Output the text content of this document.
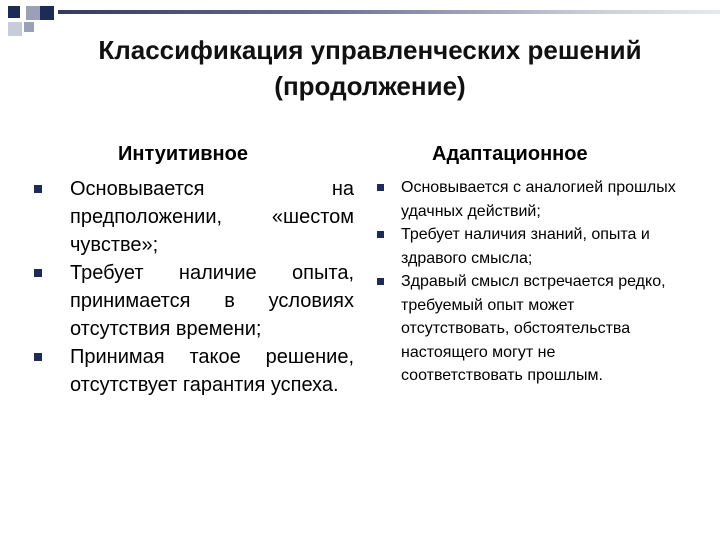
Классификация управленческих решений
(продолжение)
Интуитивное	Адаптационное
Основывается на предположении, «шестом чувстве»;
Требует наличие опыта, принимается в условиях отсутствия времени;
Принимая такое решение, отсутствует гарантия успеха.
Основывается с аналогией прошлых удачных действий;
Требует наличия знаний, опыта и здравого смысла;
Здравый смысл встречается редко, требуемый опыт может отсутствовать, обстоятельства настоящего могут не соответствовать прошлым.
